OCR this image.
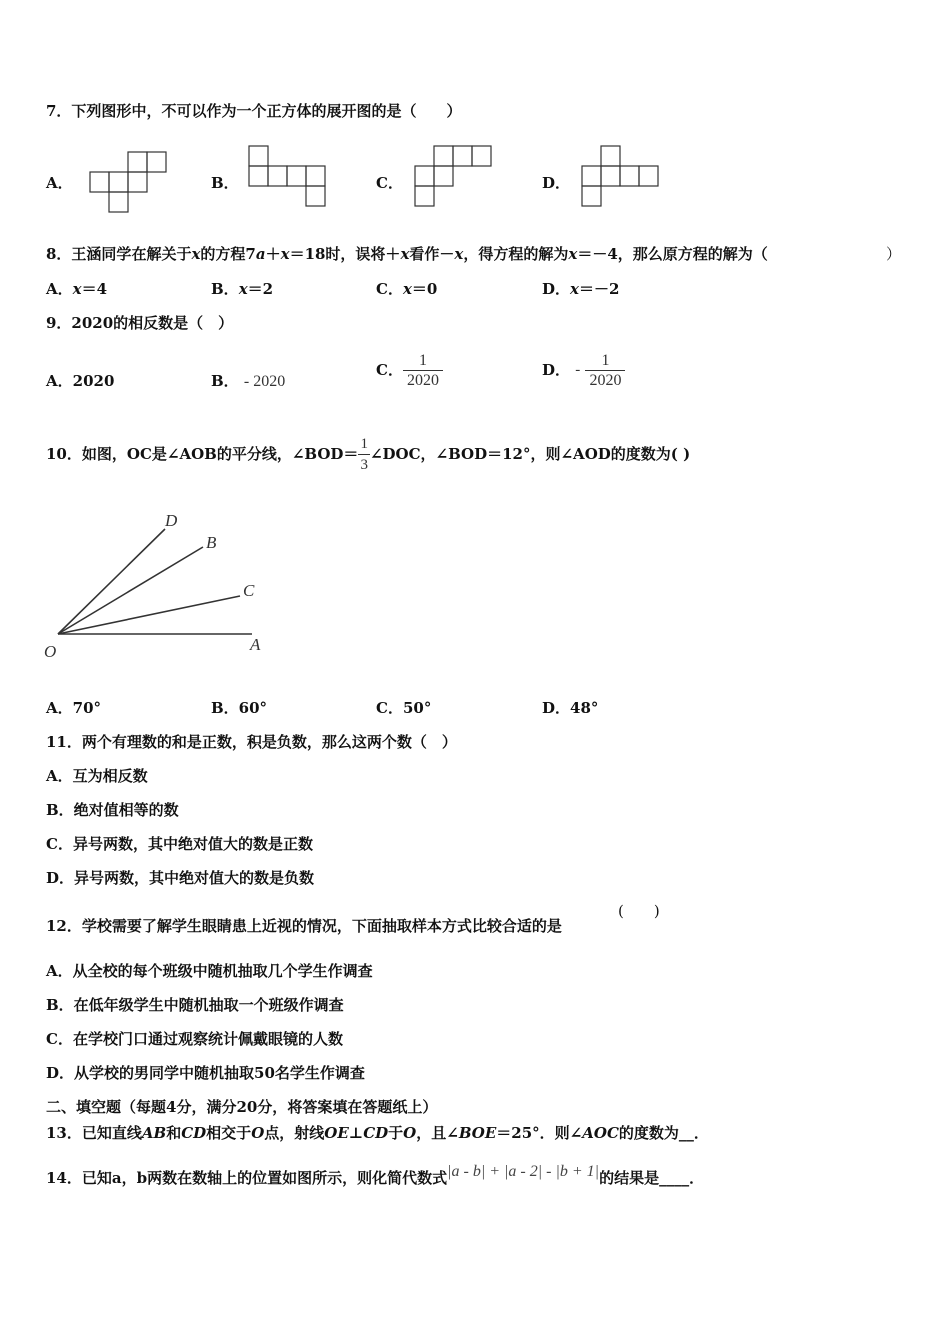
7．下列图形中，不可以作为一个正方体的展开图的是（　　）
A．	B．	C．	D．
8．王涵同学在解关于x的方程7a＋x＝18时，误将＋x看作－x，得方程的解为x＝－4，那么原方程的解为（	）
A．x＝4	B．x＝2	C．x＝0	D．x＝－2
9．2020的相反数是（　）
A．2020	B． - 2020
C． $\frac{1}{2020}$	D． - $\frac{1}{2020}$
10．如图，OC是∠AOB的平分线，∠BOD＝ $\frac{1}{3}$ ∠DOC，∠BOD＝12°，则∠AOD的度数为( )
D
B
C
O	A
A．70°	B．60°	C．50°	D．48°
11．两个有理数的和是正数，积是负数，那么这两个数（　）
A．互为相反数
B．绝对值相等的数
C．异号两数，其中绝对值大的数是正数
D．异号两数，其中绝对值大的数是负数
12．学校需要了解学生眼睛患上近视的情况，下面抽取样本方式比较合适的是
(　　)
A．从全校的每个班级中随机抽取几个学生作调查
B．在低年级学生中随机抽取一个班级作调查
C．在学校门口通过观察统计佩戴眼镜的人数
D．从学校的男同学中随机抽取50名学生作调查
二、填空题（每题4分，满分20分，将答案填在答题纸上）
13．已知直线AB和CD相交于O点，射线OE⊥CD于O，且∠BOE＝25°．则∠AOC的度数为__．
14．已知a，b两数在数轴上的位置如图所示，则化简代数式|a - b| + |a - 2| - |b + 1|的结果是____．
